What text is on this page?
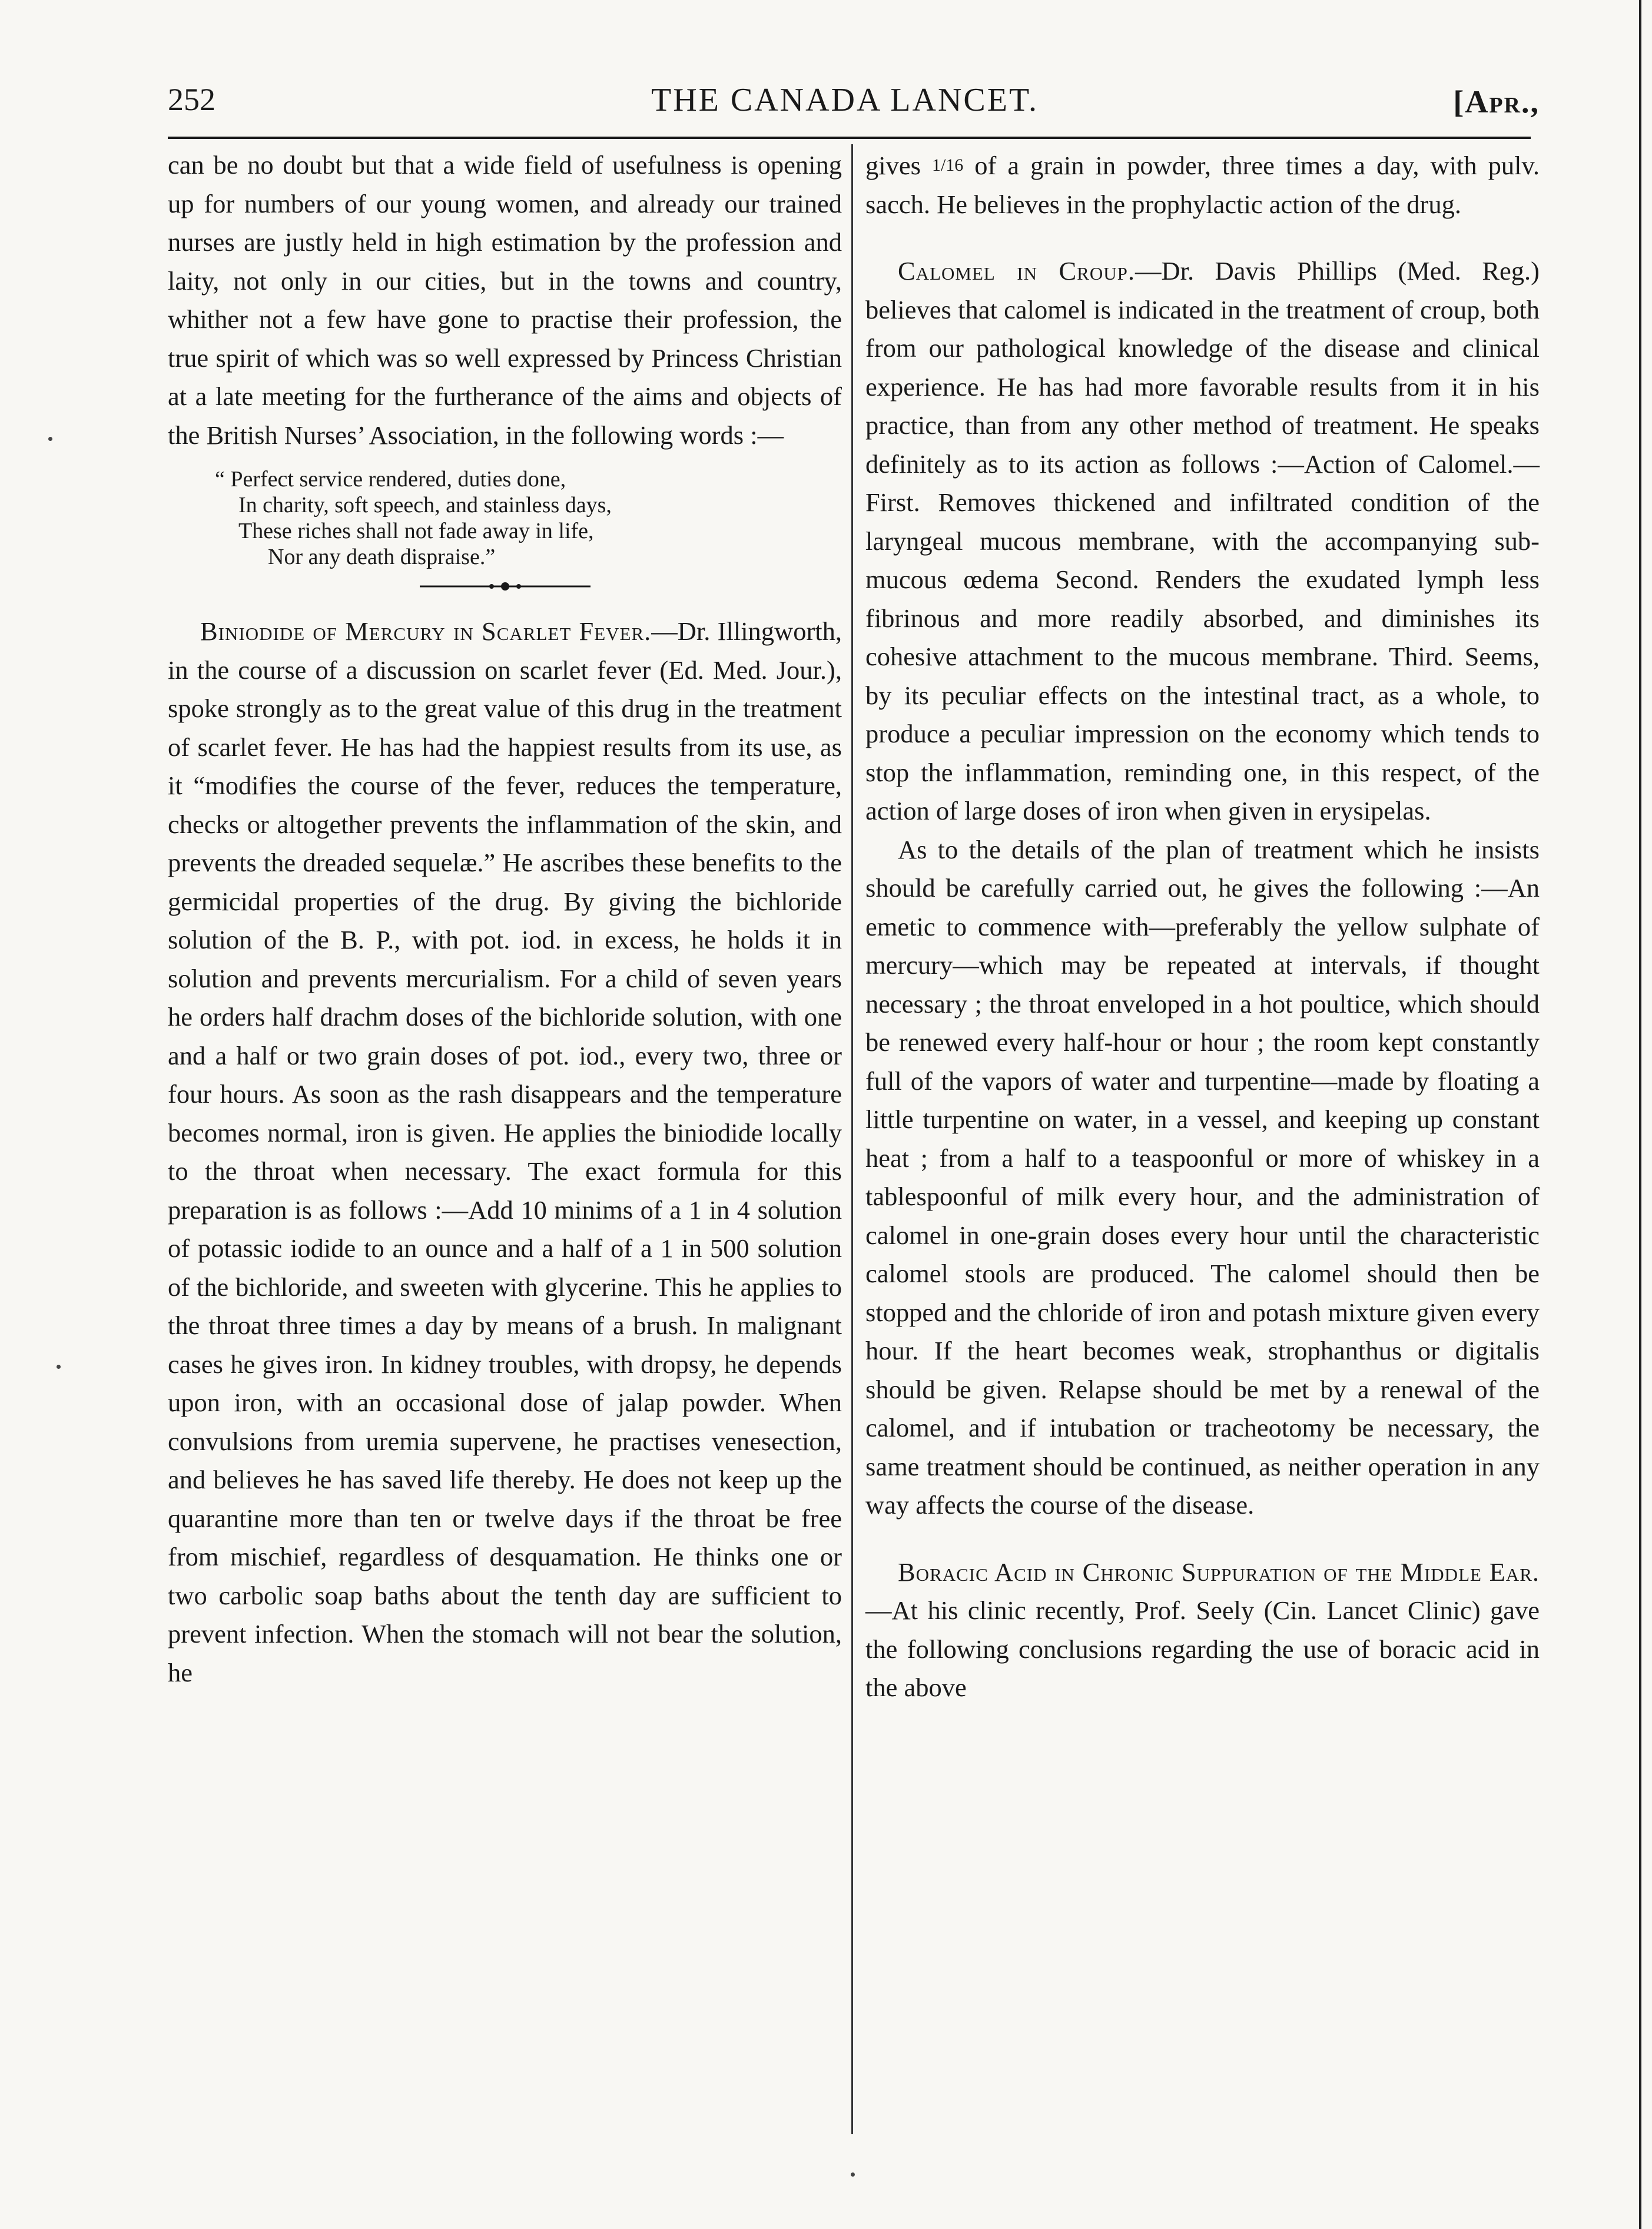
252	THE CANADA LANCET.	[Apr.,

can be no doubt but that a wide field of usefulness is opening up for numbers of our young women, and already our trained nurses are justly held in high estimation by the profession and laity, not only in our cities, but in the towns and country, whither not a few have gone to practise their profession, the true spirit of which was so well expressed by Princess Christian at a late meeting for the furtherance of the aims and objects of the British Nurses’ Association, in the following words :—

“ Perfect service rendered, duties done,
In charity, soft speech, and stainless days,
These riches shall not fade away in life,
Nor any death dispraise.”

Biniodide of Mercury in Scarlet Fever.—Dr. Illingworth, in the course of a discussion on scarlet fever (Ed. Med. Jour.), spoke strongly as to the great value of this drug in the treatment of scarlet fever. He has had the happiest results from its use, as it “modifies the course of the fever, reduces the temperature, checks or altogether prevents the inflammation of the skin, and prevents the dreaded sequelæ.” He ascribes these benefits to the germicidal properties of the drug. By giving the bichloride solution of the B. P., with pot. iod. in excess, he holds it in solution and prevents mercurialism. For a child of seven years he orders half drachm doses of the bichloride solution, with one and a half or two grain doses of pot. iod., every two, three or four hours. As soon as the rash disappears and the temperature becomes normal, iron is given. He applies the biniodide locally to the throat when necessary. The exact formula for this preparation is as follows :—Add 10 minims of a 1 in 4 solution of potassic iodide to an ounce and a half of a 1 in 500 solution of the bichloride, and sweeten with glycerine. This he applies to the throat three times a day by means of a brush. In malignant cases he gives iron. In kidney troubles, with dropsy, he depends upon iron, with an occasional dose of jalap powder. When convulsions from uremia supervene, he practises venesection, and believes he has saved life thereby. He does not keep up the quarantine more than ten or twelve days if the throat be free from mischief, regardless of desquamation. He thinks one or two carbolic soap baths about the tenth day are sufficient to prevent infection. When the stomach will not bear the solution, he

gives 1/16 of a grain in powder, three times a day, with pulv. sacch. He believes in the prophylactic action of the drug.

Calomel in Croup.—Dr. Davis Phillips (Med. Reg.) believes that calomel is indicated in the treatment of croup, both from our pathological knowledge of the disease and clinical experience. He has had more favorable results from it in his practice, than from any other method of treatment. He speaks definitely as to its action as follows :—Action of Calomel.—First. Removes thickened and infiltrated condition of the laryngeal mucous membrane, with the accompanying sub-mucous œdema Second. Renders the exudated lymph less fibrinous and more readily absorbed, and diminishes its cohesive attachment to the mucous membrane. Third. Seems, by its peculiar effects on the intestinal tract, as a whole, to produce a peculiar impression on the economy which tends to stop the inflammation, reminding one, in this respect, of the action of large doses of iron when given in erysipelas.

As to the details of the plan of treatment which he insists should be carefully carried out, he gives the following :—An emetic to commence with—preferably the yellow sulphate of mercury—which may be repeated at intervals, if thought necessary ; the throat enveloped in a hot poultice, which should be renewed every half-hour or hour ; the room kept constantly full of the vapors of water and turpentine—made by floating a little turpentine on water, in a vessel, and keeping up constant heat ; from a half to a teaspoonful or more of whiskey in a tablespoonful of milk every hour, and the administration of calomel in one-grain doses every hour until the characteristic calomel stools are produced. The calomel should then be stopped and the chloride of iron and potash mixture given every hour. If the heart becomes weak, strophanthus or digitalis should be given. Relapse should be met by a renewal of the calomel, and if intubation or tracheotomy be necessary, the same treatment should be continued, as neither operation in any way affects the course of the disease.

Boracic Acid in Chronic Suppuration of the Middle Ear.—At his clinic recently, Prof. Seely (Cin. Lancet Clinic) gave the following conclusions regarding the use of boracic acid in the above
